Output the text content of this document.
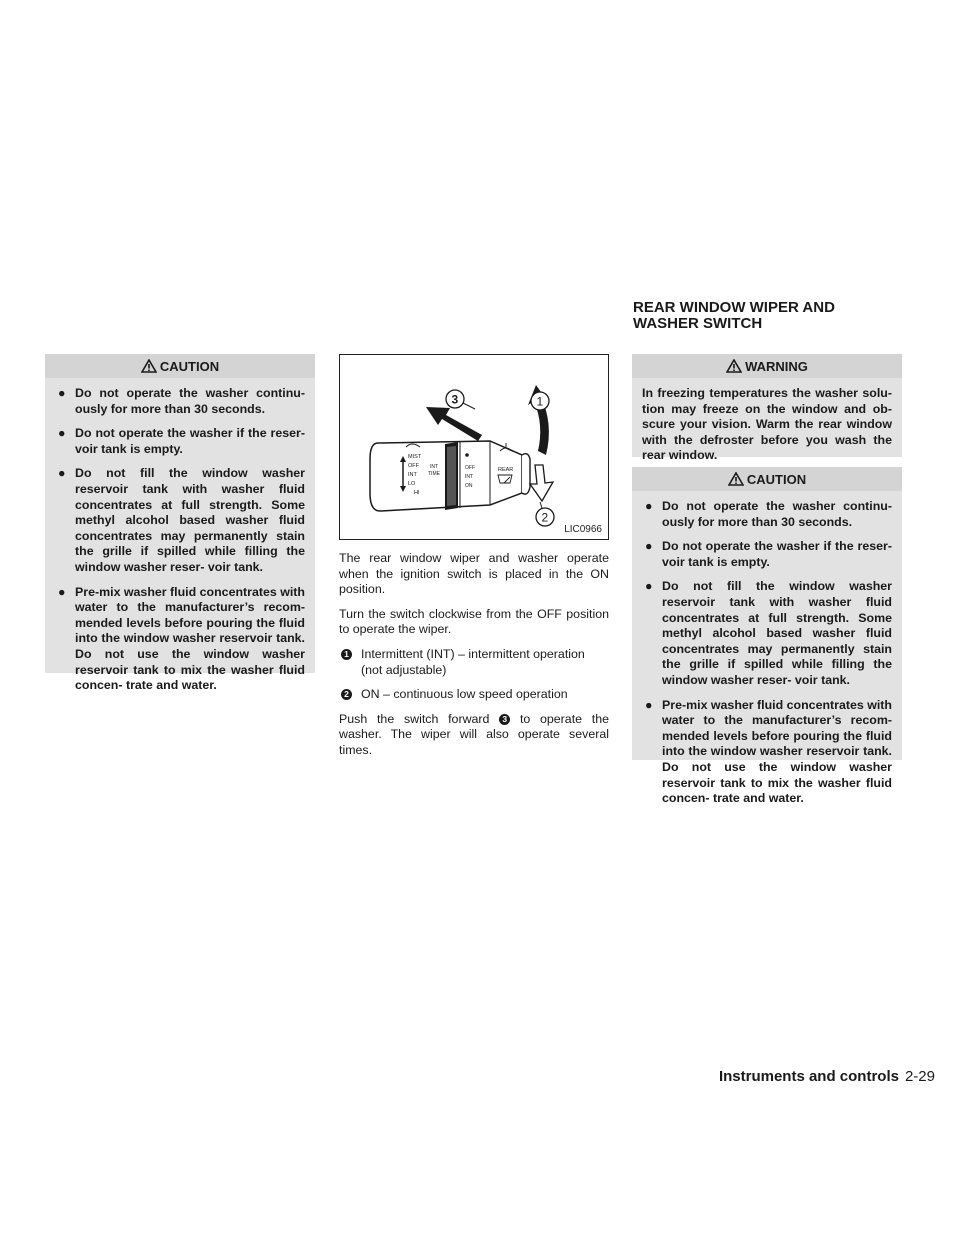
REAR WINDOW WIPER AND
WASHER SWITCH
CAUTION
● Do not operate the washer continu- ously for more than 30 seconds.
● Do not operate the washer if the reser- voir tank is empty.
● Do not fill the window washer reservoir tank with washer fluid concentrates at full strength. Some methyl alcohol based washer fluid concentrates may permanently stain the grille if spilled while filling the window washer reser- voir tank.
● Pre-mix washer fluid concentrates with water to the manufacturer’s recom- mended levels before pouring the fluid into the window washer reservoir tank. Do not use the window washer reservoir tank to mix the washer fluid concen- trate and water.
MIST
OFF
INT
LO
HI
INT
TIME
OFF
INT
ON
REAR
3	1
2
LIC0966

The rear window wiper and washer operate when the ignition switch is placed in the ON position.

Turn the switch clockwise from the OFF position to operate the wiper.

1 Intermittent (INT) – intermittent operation (not adjustable)
2 ON – continuous low speed operation

Push the switch forward 3 to operate the washer. The wiper will also operate several times.

WARNING
In freezing temperatures the washer solu- tion may freeze on the window and ob- scure your vision. Warm the rear window with the defroster before you wash the rear window.
CAUTION
● Do not operate the washer continu- ously for more than 30 seconds.
● Do not operate the washer if the reser- voir tank is empty.
● Do not fill the window washer reservoir tank with washer fluid concentrates at full strength. Some methyl alcohol based washer fluid concentrates may permanently stain the grille if spilled while filling the window washer reser- voir tank.
● Pre-mix washer fluid concentrates with water to the manufacturer’s recom- mended levels before pouring the fluid into the window washer reservoir tank. Do not use the window washer reservoir tank to mix the washer fluid concen- trate and water.
Instruments and controls 2-29
